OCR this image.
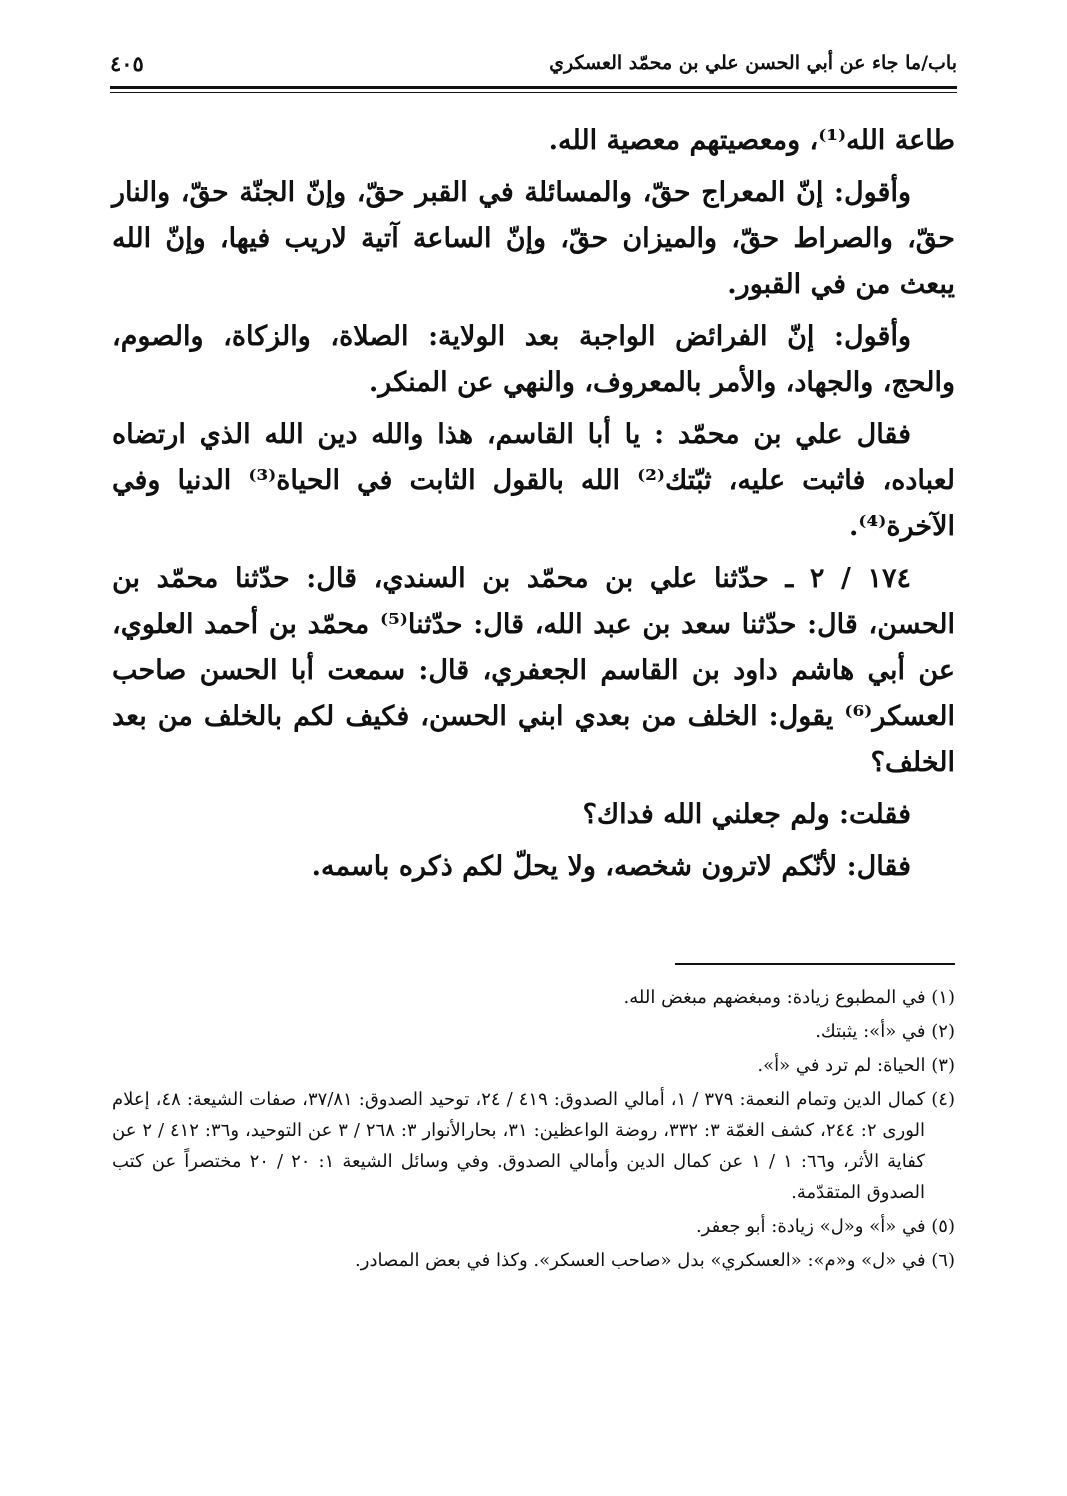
باب/ما جاء عن أبي الحسن علي بن محمّد العسكري
٤٠٥

طاعة الله⁽¹⁾، ومعصيتهم معصية الله.

وأقول: إنّ المعراج حقّ، والمسائلة في القبر حقّ، وإنّ الجنّة حقّ، والنار حقّ، والصراط حقّ، والميزان حقّ، وإنّ الساعة آتية لاريب فيها، وإنّ الله يبعث من في القبور.

وأقول: إنّ الفرائض الواجبة بعد الولاية: الصلاة، والزكاة، والصوم، والحج، والجهاد، والأمر بالمعروف، والنهي عن المنكر.

فقال علي بن محمّد : يا أبا القاسم، هذا والله دين الله الذي ارتضاه لعباده، فاثبت عليه، ثبّتك⁽²⁾ الله بالقول الثابت في الحياة⁽³⁾ الدنيا وفي الآخرة⁽⁴⁾.

١٧٤ / ٢ ـ حدّثنا علي بن محمّد بن السندي، قال: حدّثنا محمّد بن الحسن، قال: حدّثنا سعد بن عبد الله، قال: حدّثنا⁽⁵⁾ محمّد بن أحمد العلوي، عن أبي هاشم داود بن القاسم الجعفري، قال: سمعت أبا الحسن صاحب العسكر⁽⁶⁾ يقول: الخلف من بعدي ابني الحسن، فكيف لكم بالخلف من بعد الخلف؟

فقلت: ولم جعلني الله فداك؟

فقال: لأنّكم لاترون شخصه، ولا يحلّ لكم ذكره باسمه.

(١) في المطبوع زيادة: ومبغضهم مبغض الله.

(٢) في «أ»: يثبتك.

(٣) الحياة: لم ترد في «أ».

(٤) كمال الدين وتمام النعمة: ٣٧٩ / ١، أمالي الصدوق: ٤١٩ / ٢٤، توحيد الصدوق: ٣٧/٨١، صفات الشيعة: ٤٨، إعلام الورى ٢: ٢٤٤، كشف الغمّة ٣: ٣٣٢، روضة الواعظين: ٣١، بحارالأنوار ٣: ٢٦٨ / ٣ عن التوحيد، و٣٦: ٤١٢ / ٢ عن كفاية الأثر، و٦٦: ١ / ١ عن كمال الدين وأمالي الصدوق. وفي وسائل الشيعة ١: ٢٠ / ٢٠ مختصراً عن كتب الصدوق المتقدّمة.

(٥) في «أ» و«ل» زيادة: أبو جعفر.

(٦) في «ل» و«م»: «العسكري» بدل «صاحب العسكر». وكذا في بعض المصادر.
